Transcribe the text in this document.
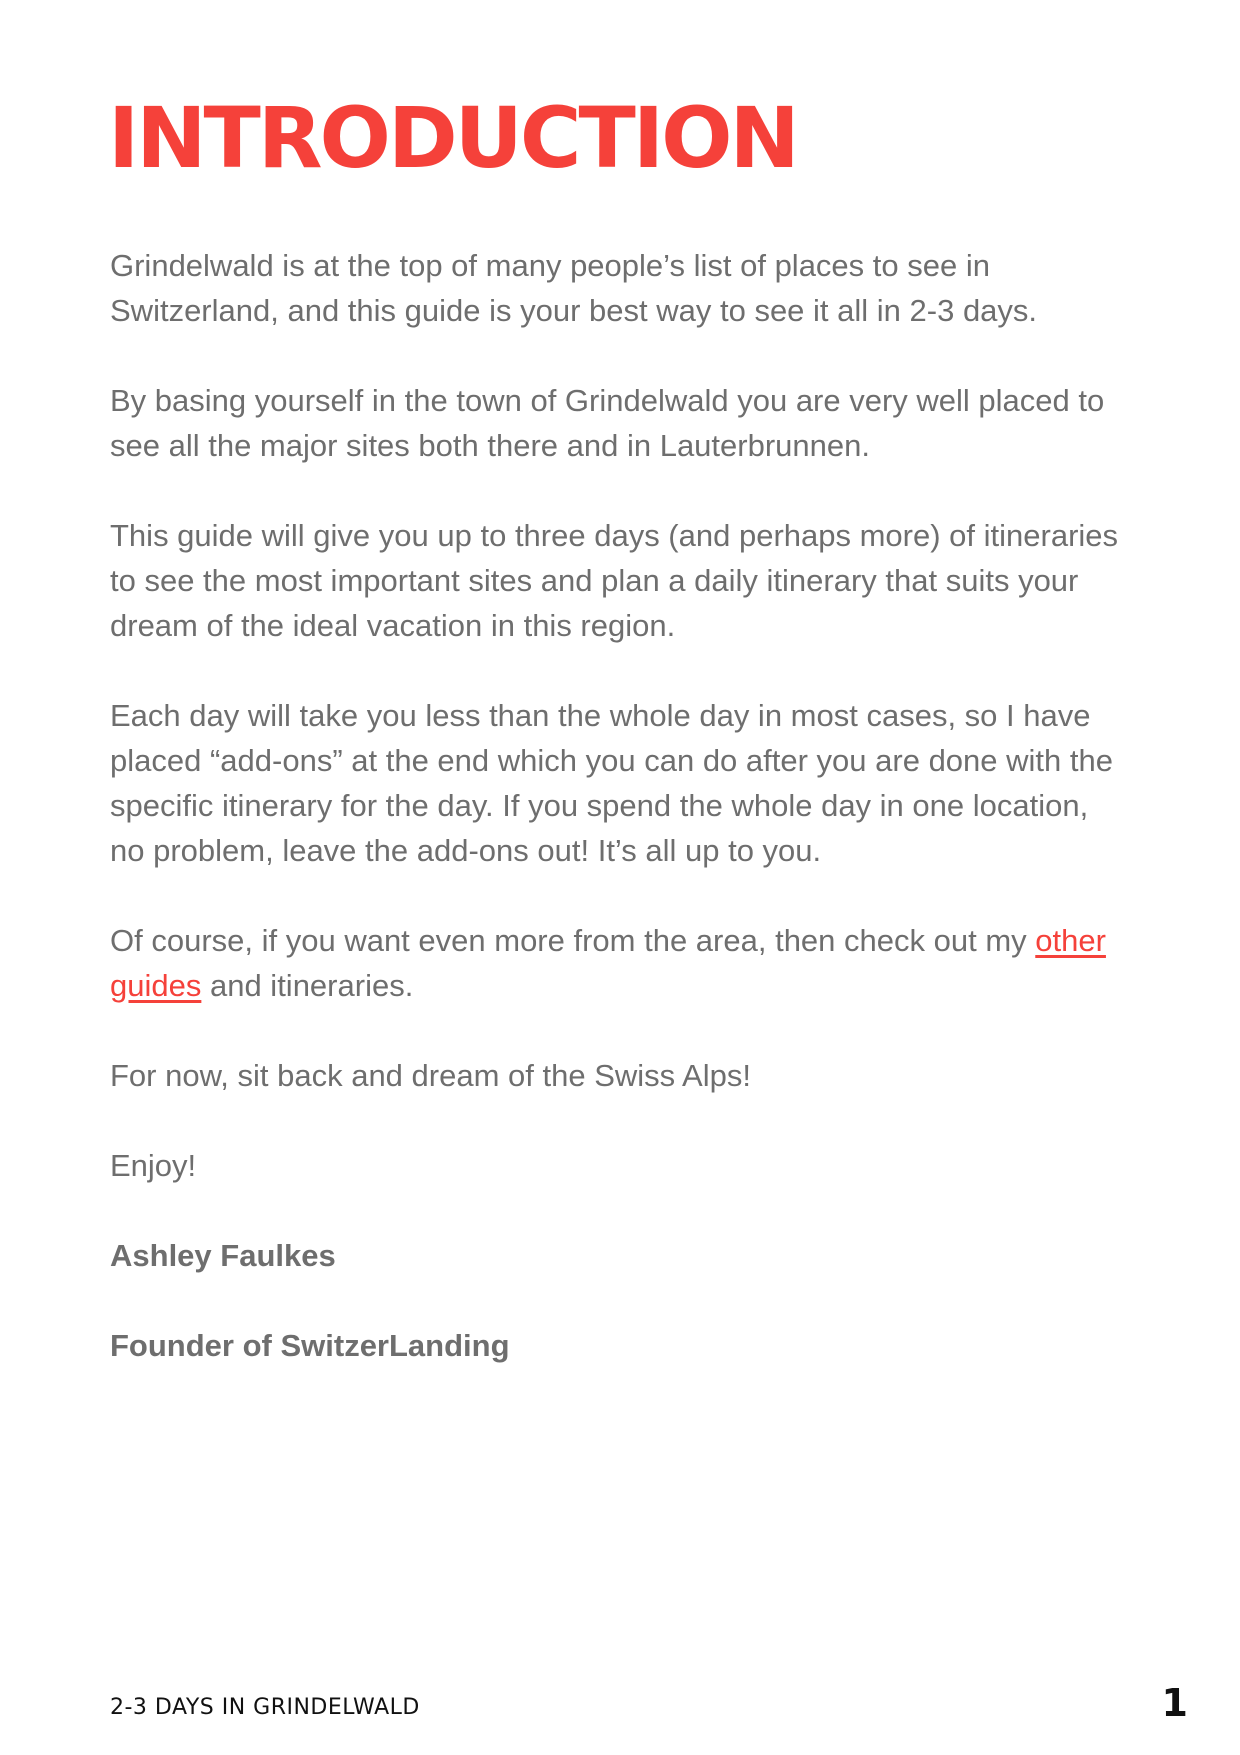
INTRODUCTION

Grindelwald is at the top of many people’s list of places to see in Switzerland, and this guide is your best way to see it all in 2-3 days.

By basing yourself in the town of Grindelwald you are very well placed to see all the major sites both there and in Lauterbrunnen.

This guide will give you up to three days (and perhaps more) of itineraries to see the most important sites and plan a daily itinerary that suits your dream of the ideal vacation in this region.

Each day will take you less than the whole day in most cases, so I have placed “add-ons” at the end which you can do after you are done with the specific itinerary for the day. If you spend the whole day in one location, no problem, leave the add-ons out! It’s all up to you.

Of course, if you want even more from the area, then check out my other guides and itineraries.

For now, sit back and dream of the Swiss Alps!

Enjoy!

Ashley Faulkes

Founder of SwitzerLanding

2-3 DAYS IN GRINDELWALD	1
